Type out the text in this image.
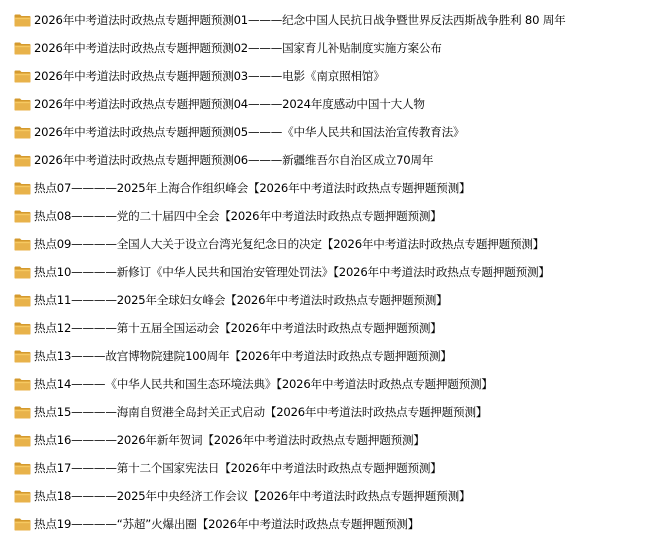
2026年中考道法时政热点专题押题预测01———纪念中国人民抗日战争暨世界反法西斯战争胜利 80 周年
2026年中考道法时政热点专题押题预测02———国家育儿补贴制度实施方案公布
2026年中考道法时政热点专题押题预测03———电影《南京照相馆》
2026年中考道法时政热点专题押题预测04———2024年度感动中国十大人物
2026年中考道法时政热点专题押题预测05———《中华人民共和国法治宣传教育法》
2026年中考道法时政热点专题押题预测06———新疆维吾尔自治区成立70周年
热点07————2025年上海合作组织峰会【2026年中考道法时政热点专题押题预测】
热点08————党的二十届四中全会【2026年中考道法时政热点专题押题预测】
热点09————全国人大关于设立台湾光复纪念日的决定【2026年中考道法时政热点专题押题预测】
热点10————新修订《中华人民共和国治安管理处罚法》【2026年中考道法时政热点专题押题预测】
热点11————2025年全球妇女峰会【2026年中考道法时政热点专题押题预测】
热点12————第十五届全国运动会【2026年中考道法时政热点专题押题预测】
热点13———故宫博物院建院100周年【2026年中考道法时政热点专题押题预测】
热点14———《中华人民共和国生态环境法典》【2026年中考道法时政热点专题押题预测】
热点15————海南自贸港全岛封关正式启动【2026年中考道法时政热点专题押题预测】
热点16————2026年新年贺词【2026年中考道法时政热点专题押题预测】
热点17————第十二个国家宪法日【2026年中考道法时政热点专题押题预测】
热点18————2025年中央经济工作会议【2026年中考道法时政热点专题押题预测】
热点19————“苏超”火爆出圈【2026年中考道法时政热点专题押题预测】
